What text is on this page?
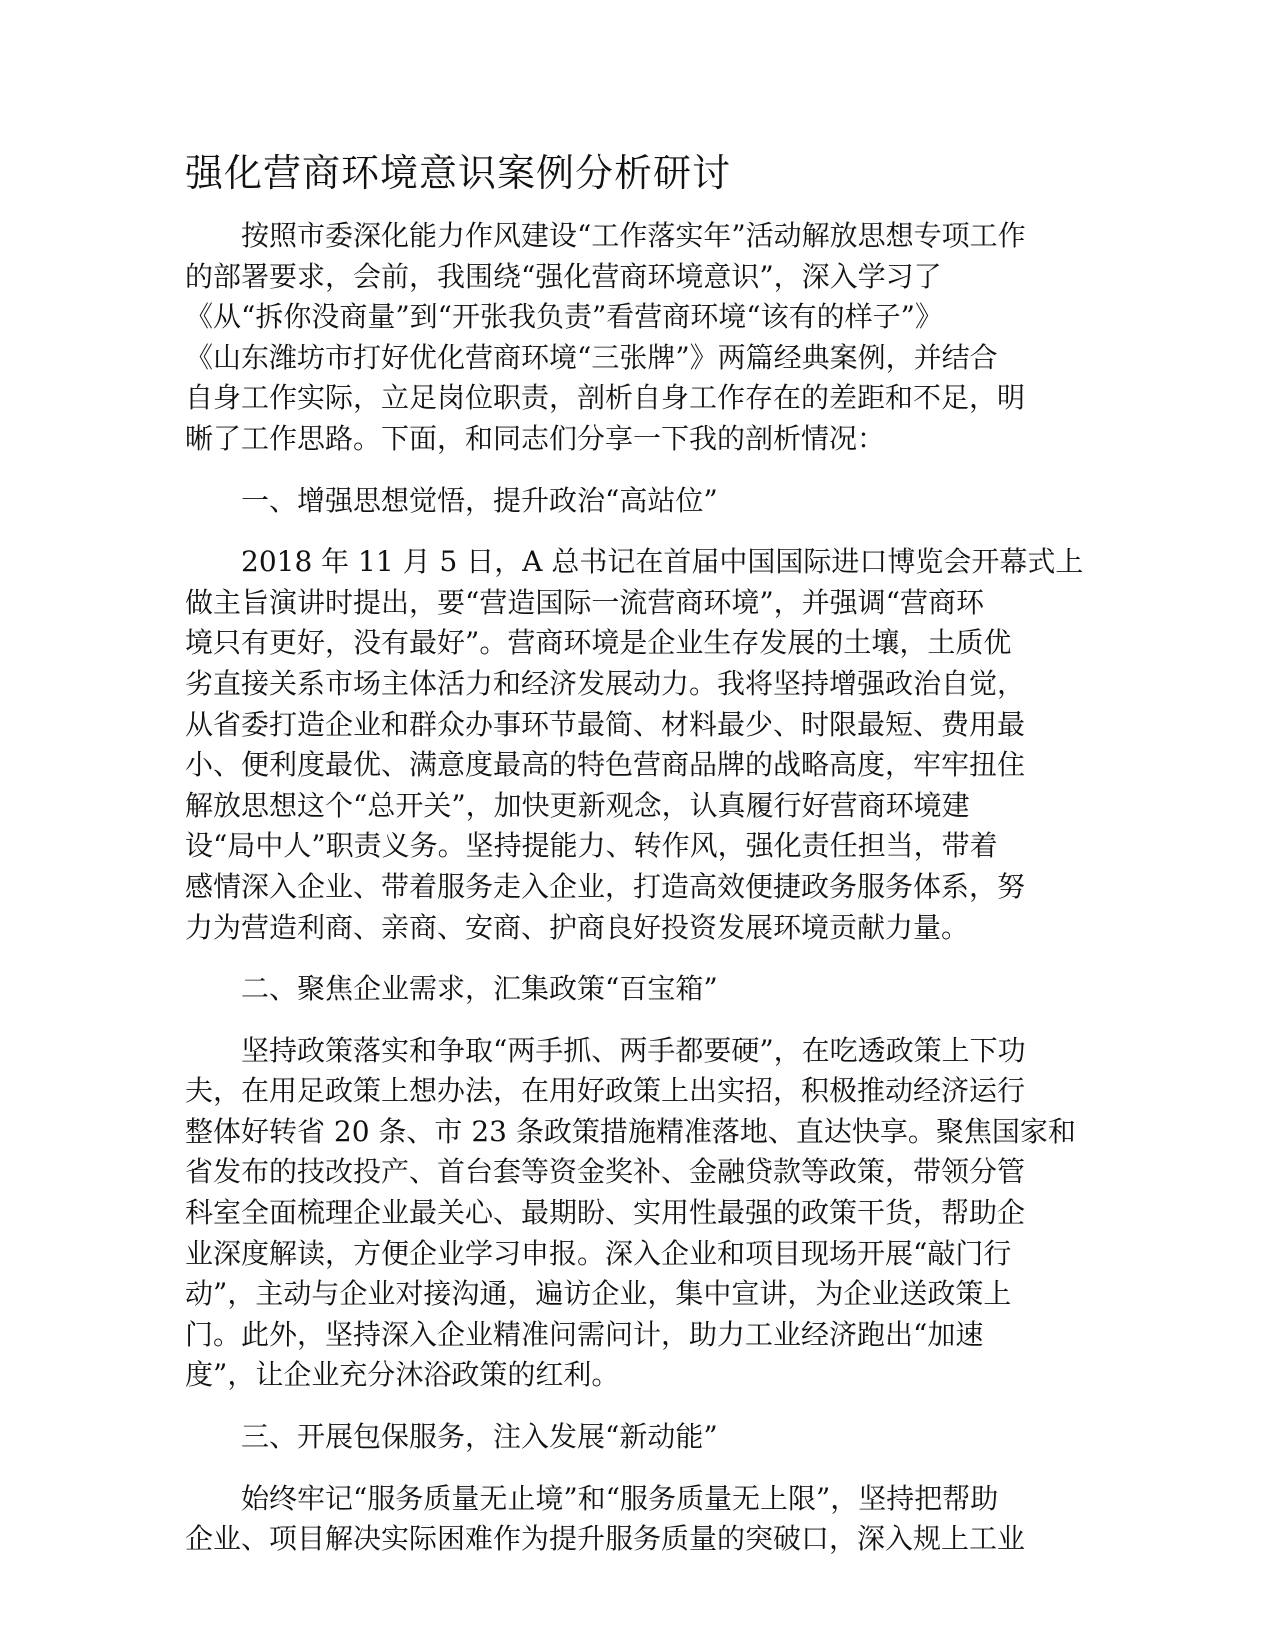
强化营商环境意识案例分析研讨
按照市委深化能力作风建设“工作落实年”活动解放思想专项工作
的部署要求，会前，我围绕“强化营商环境意识”，深入学习了
《从“拆你没商量”到“开张我负责”看营商环境“该有的样子”》
《山东潍坊市打好优化营商环境“三张牌”》两篇经典案例，并结合
自身工作实际，立足岗位职责，剖析自身工作存在的差距和不足，明
晰了工作思路。下面，和同志们分享一下我的剖析情况：
一、增强思想觉悟，提升政治“高站位”
2018 年 11 月 5 日，A 总书记在首届中国国际进口博览会开幕式上
做主旨演讲时提出，要“营造国际一流营商环境”，并强调“营商环
境只有更好，没有最好”。营商环境是企业生存发展的土壤，土质优
劣直接关系市场主体活力和经济发展动力。我将坚持增强政治自觉，
从省委打造企业和群众办事环节最简、材料最少、时限最短、费用最
小、便利度最优、满意度最高的特色营商品牌的战略高度，牢牢扭住
解放思想这个“总开关”，加快更新观念，认真履行好营商环境建
设“局中人”职责义务。坚持提能力、转作风，强化责任担当，带着
感情深入企业、带着服务走入企业，打造高效便捷政务服务体系，努
力为营造利商、亲商、安商、护商良好投资发展环境贡献力量。
二、聚焦企业需求，汇集政策“百宝箱”
坚持政策落实和争取“两手抓、两手都要硬”，在吃透政策上下功
夫，在用足政策上想办法，在用好政策上出实招，积极推动经济运行
整体好转省 20 条、市 23 条政策措施精准落地、直达快享。聚焦国家和
省发布的技改投产、首台套等资金奖补、金融贷款等政策，带领分管
科室全面梳理企业最关心、最期盼、实用性最强的政策干货，帮助企
业深度解读，方便企业学习申报。深入企业和项目现场开展“敲门行
动”，主动与企业对接沟通，遍访企业，集中宣讲，为企业送政策上
门。此外，坚持深入企业精准问需问计，助力工业经济跑出“加速
度”，让企业充分沐浴政策的红利。
三、开展包保服务，注入发展“新动能”
始终牢记“服务质量无止境”和“服务质量无上限”，坚持把帮助
企业、项目解决实际困难作为提升服务质量的突破口，深入规上工业
